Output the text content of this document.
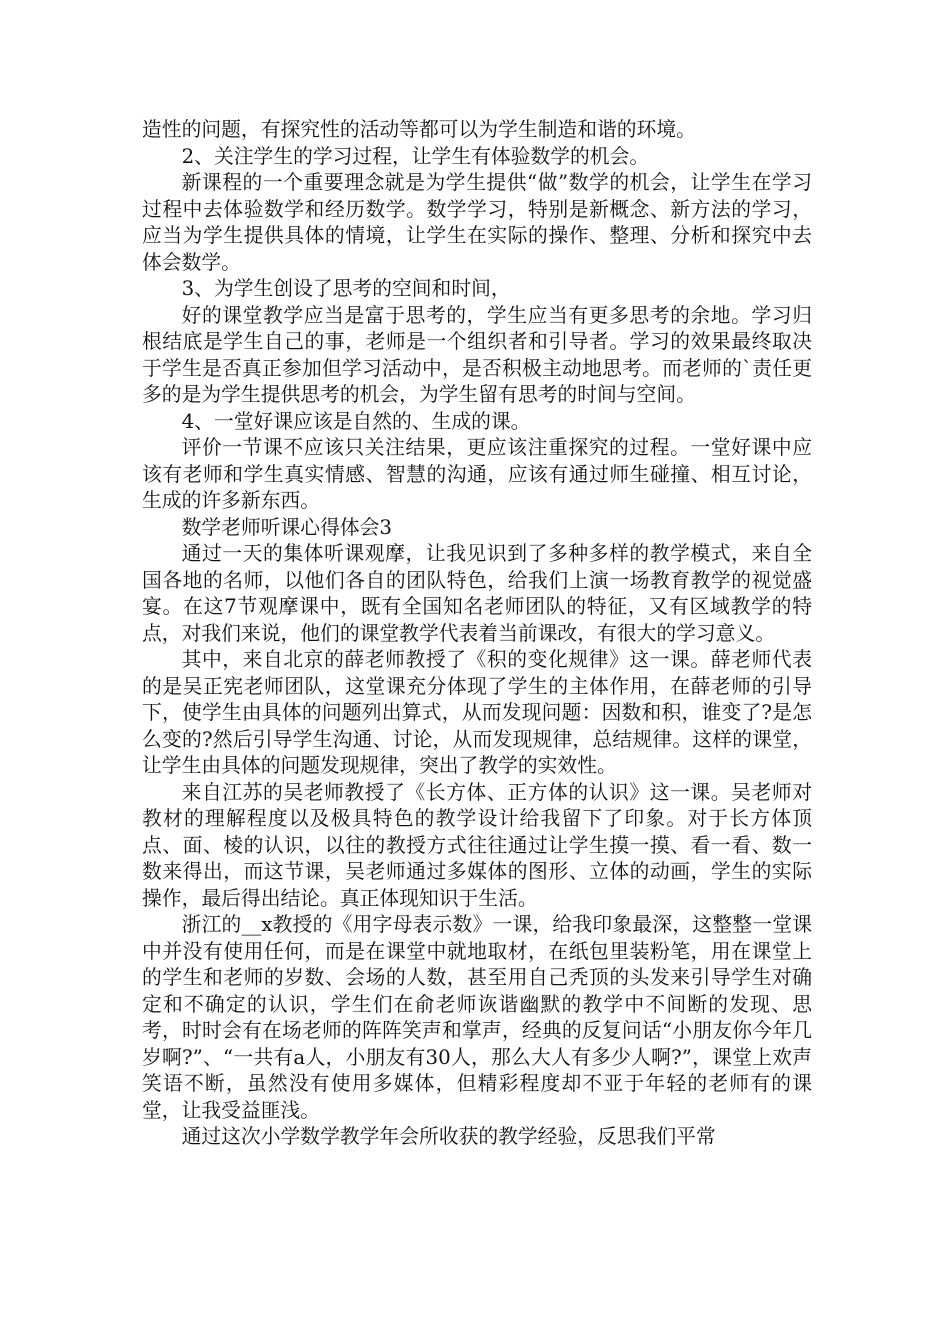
造性的问题，有探究性的活动等都可以为学生制造和谐的环境。

2、关注学生的学习过程，让学生有体验数学的机会。

新课程的一个重要理念就是为学生提供“做”数学的机会，让学生在学习过程中去体验数学和经历数学。数学学习，特别是新概念、新方法的学习，应当为学生提供具体的情境，让学生在实际的操作、整理、分析和探究中去体会数学。

3、为学生创设了思考的空间和时间，

好的课堂教学应当是富于思考的，学生应当有更多思考的余地。学习归根结底是学生自己的事，老师是一个组织者和引导者。学习的效果最终取决于学生是否真正参加但学习活动中，是否积极主动地思考。而老师的`责任更多的是为学生提供思考的机会，为学生留有思考的时间与空间。

4、一堂好课应该是自然的、生成的课。

评价一节课不应该只关注结果，更应该注重探究的过程。一堂好课中应该有老师和学生真实情感、智慧的沟通，应该有通过师生碰撞、相互讨论，生成的许多新东西。

数学老师听课心得体会3

通过一天的集体听课观摩，让我见识到了多种多样的教学模式，来自全国各地的名师，以他们各自的团队特色，给我们上演一场教育教学的视觉盛宴。在这7节观摩课中，既有全国知名老师团队的特征，又有区域教学的特点，对我们来说，他们的课堂教学代表着当前课改，有很大的学习意义。

其中，来自北京的薛老师教授了《积的变化规律》这一课。薛老师代表的是吴正宪老师团队，这堂课充分体现了学生的主体作用，在薛老师的引导下，使学生由具体的问题列出算式，从而发现问题：因数和积，谁变了?是怎么变的?然后引导学生沟通、讨论，从而发现规律，总结规律。这样的课堂，让学生由具体的问题发现规律，突出了教学的实效性。

来自江苏的吴老师教授了《长方体、正方体的认识》这一课。吴老师对教材的理解程度以及极具特色的教学设计给我留下了印象。对于长方体顶点、面、棱的认识，以往的教授方式往往通过让学生摸一摸、看一看、数一数来得出，而这节课，吴老师通过多媒体的图形、立体的动画，学生的实际操作，最后得出结论。真正体现知识于生活。

浙江的__x教授的《用字母表示数》一课，给我印象最深，这整整一堂课中并没有使用任何，而是在课堂中就地取材，在纸包里装粉笔，用在课堂上的学生和老师的岁数、会场的人数，甚至用自己秃顶的头发来引导学生对确定和不确定的认识，学生们在俞老师诙谐幽默的教学中不间断的发现、思考，时时会有在场老师的阵阵笑声和掌声，经典的反复问话“小朋友你今年几岁啊?”、“一共有a人，小朋友有30人，那么大人有多少人啊?”，课堂上欢声笑语不断，虽然没有使用多媒体，但精彩程度却不亚于年轻的老师有的课堂，让我受益匪浅。

通过这次小学数学教学年会所收获的教学经验，反思我们平常
